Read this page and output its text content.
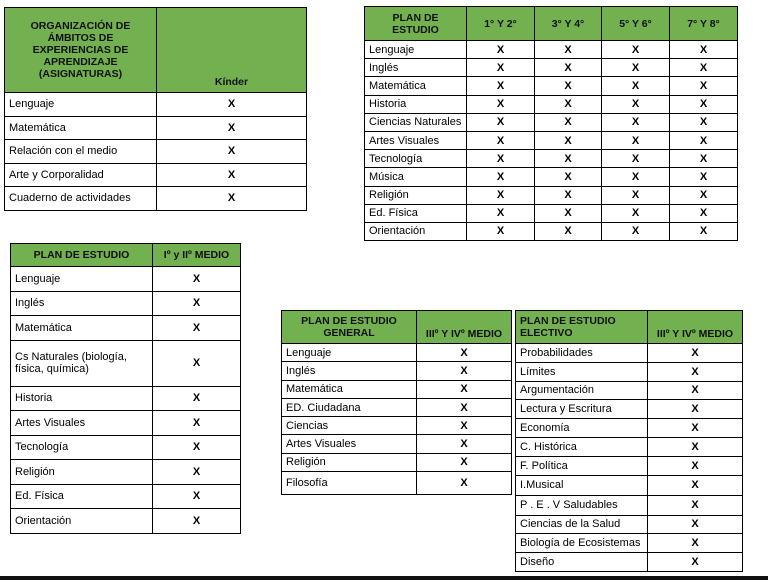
ORGANIZACIÓN DE ÁMBITOS DE EXPERIENCIAS DE APRENDIZAJE (ASIGNATURAS)	Kínder
Lenguaje	X
Matemática	X
Relación con el medio	X
Arte y Corporalidad	X
Cuaderno de actividades	X
PLAN DE ESTUDIO	1° Y 2°	3° Y 4°	5° Y 6°	7° Y 8°
Lenguaje	X	X	X	X
Inglés	X	X	X	X
Matemática	X	X	X	X
Historia	X	X	X	X
Ciencias Naturales	X	X	X	X
Artes Visuales	X	X	X	X
Tecnología	X	X	X	X
Música	X	X	X	X
Religión	X	X	X	X
Ed. Física	X	X	X	X
Orientación	X	X	X	X
PLAN DE ESTUDIO	Iº y IIº MEDIO
Lenguaje	X
Inglés	X
Matemática	X
Cs Naturales (biología, física, química)	X
Historia	X
Artes Visuales	X
Tecnología	X
Religión	X
Ed. Física	X
Orientación	X
PLAN DE ESTUDIO GENERAL	IIIº Y IVº MEDIO
Lenguaje	X
Inglés	X
Matemática	X
ED. Ciudadana	X
Ciencias	X
Artes Visuales	X
Religión	X
Filosofía	X
PLAN DE ESTUDIO ELECTIVO	IIIº Y IVº MEDIO
Probabilidades	X
Límites	X
Argumentación	X
Lectura y Escritura	X
Economía	X
C. Histórica	X
F. Política	X
I.Musical	X
P . E . V Saludables	X
Ciencias de la Salud	X
Biología de Ecosistemas	X
Diseño	X
